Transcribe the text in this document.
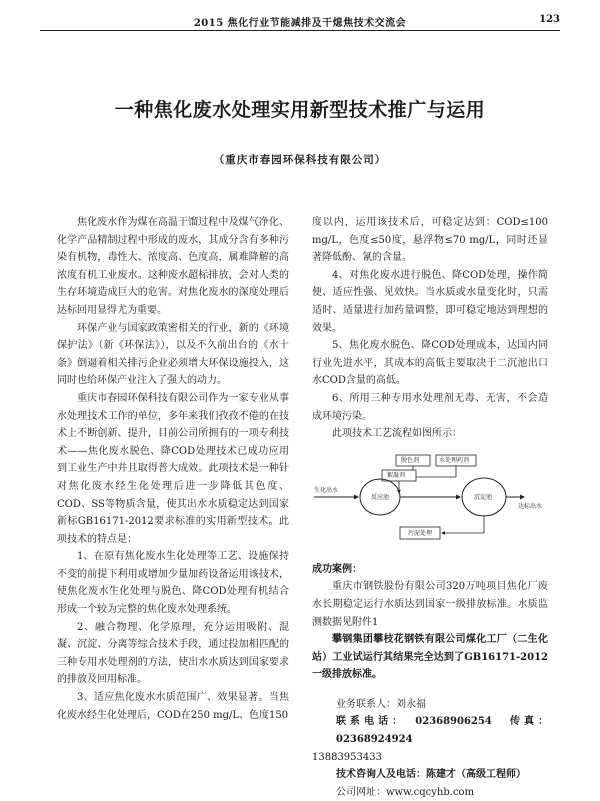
2015 焦化行业节能减排及干熄焦技术交流会	123
一种焦化废水处理实用新型技术推广与运用
（重庆市春园环保科技有限公司）

焦化废水作为煤在高温干馏过程中及煤气净化、化学产品精制过程中形成的废水，其成分含有多种污染有机物，毒性大、浓度高、色度高，属难降解的高浓度有机工业废水。这种废水超标排放，会对人类的生存环境造成巨大的危害。对焦化废水的深度处理后达标回用显得尤为重要。

环保产业与国家政策密相关的行业，新的《环境保护法》（新《环保法》），以及不久前出台的《水十条》倒逼着相关排污企业必须增大环保设施投入，这同时也给环保产业注入了强大的动力。

重庆市春园环保科技有限公司作为一家专业从事水处理技术工作的单位，多年来我们孜孜不倦的在技术上不断创新、提升，目前公司所拥有的一项专利技术——焦化废水脱色、降COD处理技术已成功应用到工业生产中并且取得普大成效。此项技术是一种针对焦化废水经生化处理后进一步降低其色度、COD、SS等物质含量，使其出水水质稳定达到国家新标GB16171-2012要求标准的实用新型技术。此项技术的特点是：

1、在原有焦化废水生化处理等工艺、设施保持不变的前提下利用或增加少量加药设备运用该技术，使焦化废水生化处理与脱色、降COD处理有机结合形成一个较为完整的焦化废水处理系统。

2、融合物理、化学原理，充分运用吸附、混凝、沉淀、分离等综合技术手段，通过投加相匹配的三种专用水处理剂的方法，使出水水质达到国家要求的排放及回用标准。

3、适应焦化废水水质范围广、效果显著。当焦化废水经生化处理后，COD在250 mg/L、色度150

度以内，运用该技术后，可稳定达到：COD≤100 mg/L，色度≤50度，悬浮物≤70 mg/L，同时还显著降低酚、氰的含量。

4、对焦化废水进行脱色、降COD处理，操作简便、适应性强、见效快。当水质或水量变化时，只需适时、适量进行加药量调整，即可稳定地达到理想的效果。

5、焦化废水脱色、降COD处理成本，达国内同行业先进水平，其成本的高低主要取决于二沉池出口水COD含量的高低。

6、所用三种专用水处理剂无毒、无害，不会造成环境污染。

此项技术工艺流程如图所示：

生化出水
反应池
脱色剂	水处理药剂
絮凝剂
沉淀池
达标出水
污泥处理

成功案例：

重庆市钢铁股份有限公司320万吨项目焦化厂废水长期稳定运行水质达到国家一级排放标准。水质监测数据见附件1

攀钢集团攀枝花钢铁有限公司煤化工厂（二生化站）工业试运行其结果完全达到了GB16171-2012一级排放标准。

业务联系人：刘永福

联系电话：　02368906254　传真：02368924924

13883953433

技术咨询人及电话：陈建才（高级工程师）

公司网址：www.cqcyhb.com
